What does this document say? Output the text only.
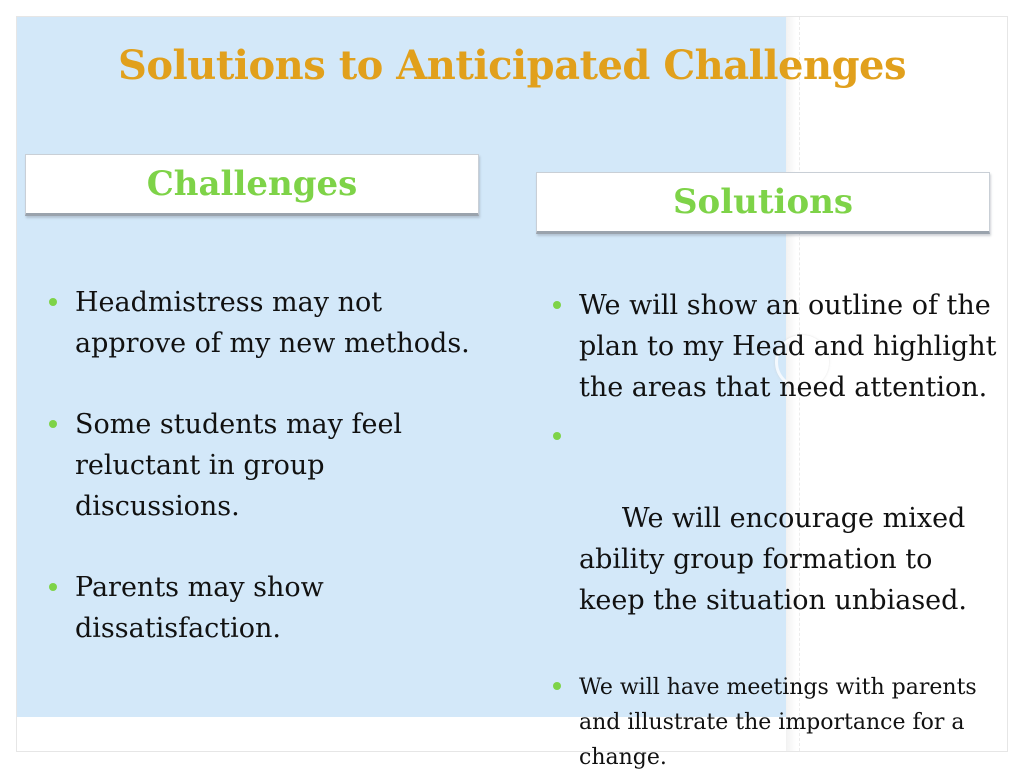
Solutions to Anticipated Challenges
Challenges	Solutions
Headmistress may not approve of my new methods.
Some students may feel reluctant in group discussions.
Parents may show dissatisfaction.
We will show an outline of the plan to my Head and highlight the areas that need attention.

We will encourage mixed ability group formation to keep the situation unbiased.

We will have meetings with parents and illustrate the importance for a change.
